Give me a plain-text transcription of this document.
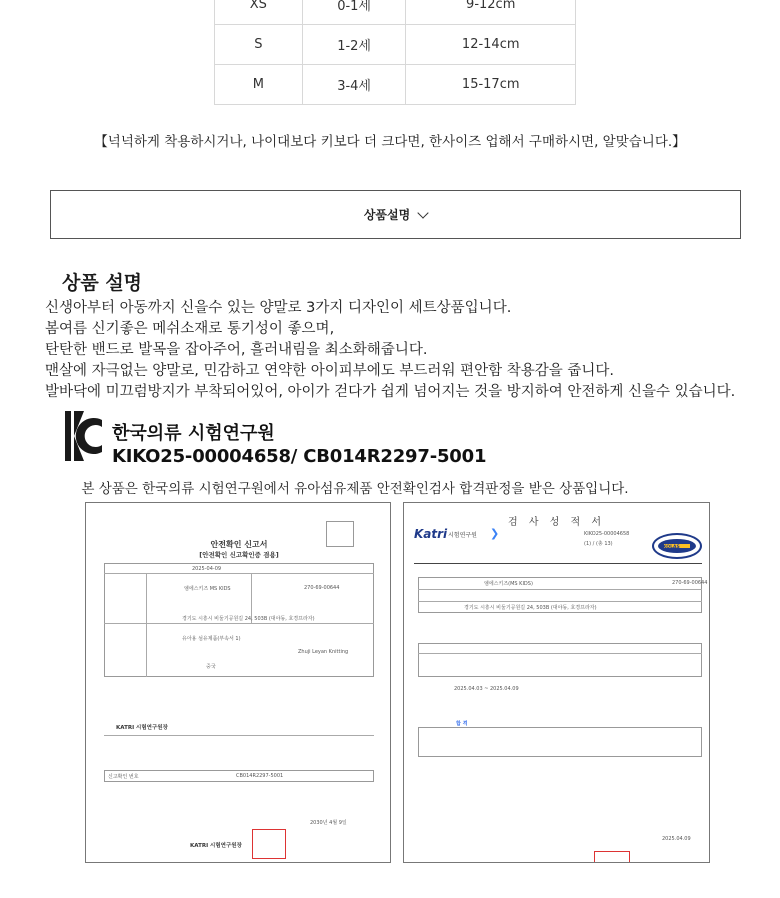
XS	0-1세	9-12cm
S	1-2세	12-14cm
M	3-4세	15-17cm
【넉넉하게 착용하시거나, 나이대보다 키보다 더 크다면, 한사이즈 업해서 구매하시면, 알맞습니다.】
상품설명
상품 설명
신생아부터 아동까지 신을수 있는 양말로 3가지 디자인이 세트상품입니다.
봄여름 신기좋은 메쉬소재로 통기성이 좋으며,
탄탄한 밴드로 발목을 잡아주어, 흘러내림을 최소화해줍니다.
맨살에 자극없는 양말로, 민감하고 연약한 아이피부에도 부드러워 편안함 착용감을 줍니다.
발바닥에 미끄럼방지가 부착되어있어, 아이가 걷다가 쉽게 넘어지는 것을 방지하여 안전하게 신을수 있습니다.
한국의류 시험연구원
KIKO25-00004658/ CB014R2297-5001
본 상품은 한국의류 시험연구원에서 유아섬유제품 안전확인검사 합격판정을 받은 상품입니다.
안전확인 신고서
[안전확인 신고확인증 겸용]
2025-04-09
엠에스키즈 MS KIDS	270-69-00644
경기도 시흥시 비둘기공원길 24, 503B (대야동, 호경프라자)
유아용 섬유제품(부속서 1)
Zhuji Leyan Knitting
중국
KATRI 시험연구원장
신고확인 번호	CB014R2297-5001
2030년 4월 9일
KATRI 시험연구원장
검 사 성 적 서
Katri 시험연구원 ❯	KIKO25-00004658
(1) / (총 13)
KOLAS
엠에스키즈(MS KIDS)	270-69-00644
경기도 시흥시 비둘기공원길 24, 503B (대야동, 호경프라자)
2025.04.03 ~ 2025.04.09
합 격
2025.04.09
